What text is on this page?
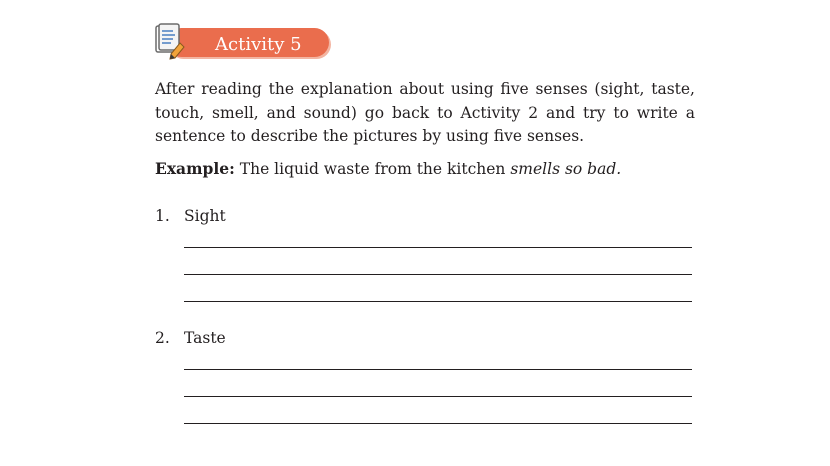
Activity 5
After reading the explanation about using five senses (sight, taste, touch, smell, and sound) go back to Activity 2 and try to write a sentence to describe the pictures by using five senses.
Example: The liquid waste from the kitchen smells so bad.
1. Sight
2. Taste
